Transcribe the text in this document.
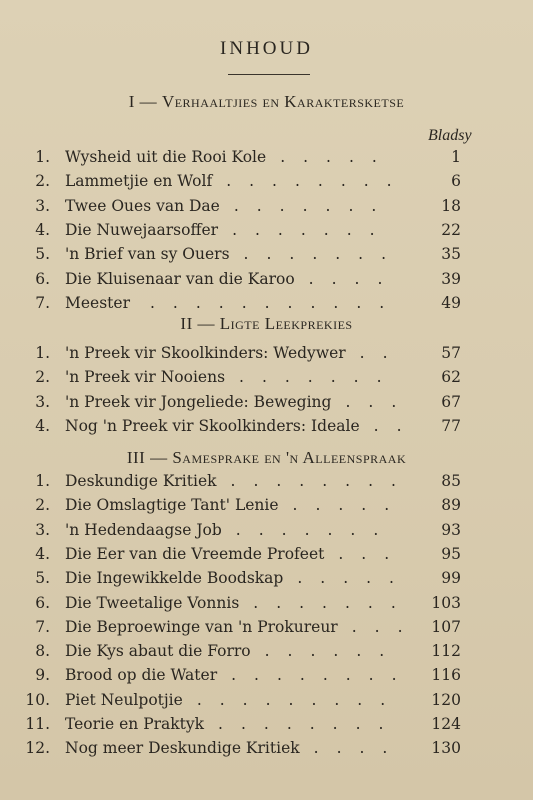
INHOUD
Bladsy
I — Verhaaltjies en Karaktersketse
1. Wysheid uit die Rooi Kole	1
.....
2. Lammetjie en Wolf	6
........
3. Twee Oues van Dae	18
.......
4. Die Nuwejaarsoffer	22
.......
5. 'n Brief van sy Ouers	35
.......
6. Die Kluisenaar van die Karoo	39
....
7. Meester	49
...........
II — Ligte Leekprekies
1. 'n Preek vir Skoolkinders: Wedywer	57
..
2. 'n Preek vir Nooiens	62
.......
3. 'n Preek vir Jongeliede: Beweging	67
...
4. Nog 'n Preek vir Skoolkinders: Ideale	77
..
III — Samesprake en 'n Alleenspraak
1. Deskundige Kritiek	85
........
2. Die Omslagtige Tant' Lenie	89
.....
3. 'n Hedendaagse Job	93
.......
4. Die Eer van die Vreemde Profeet	95
...
5. Die Ingewikkelde Boodskap	99
.....
6. Die Tweetalige Vonnis	103
.......
7. Die Beproewinge van 'n Prokureur	107
...
8. Die Kys abaut die Forro	112
......
9. Brood op die Water	116
........
10. Piet Neulpotjie	120
.........
11. Teorie en Praktyk	124
........
12. Nog meer Deskundige Kritiek	130
....
